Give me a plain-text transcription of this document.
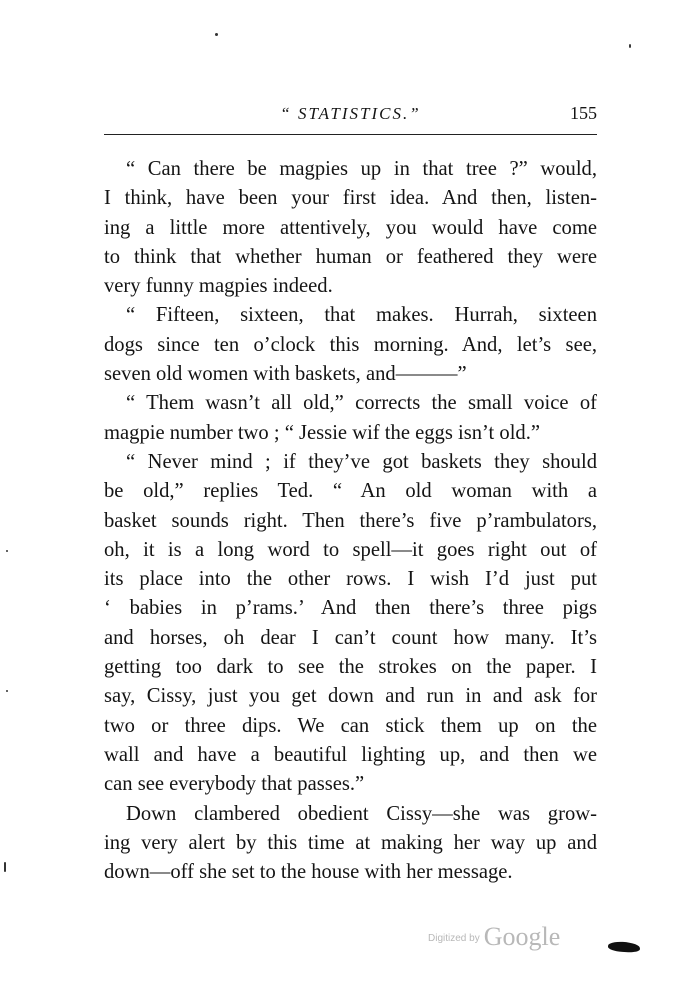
“ STATISTICS.”	155
“ Can there be magpies up in that tree ?” would,
I think, have been your first idea. And then, listen-
ing a little more attentively, you would have come
to think that whether human or feathered they were
very funny magpies indeed.
“ Fifteen, sixteen, that makes. Hurrah, sixteen
dogs since ten o’clock this morning. And, let’s see,
seven old women with baskets, and———”
“ Them wasn’t all old,” corrects the small voice of
magpie number two ; “ Jessie wif the eggs isn’t old.”
“ Never mind ; if they’ve got baskets they should
be old,” replies Ted. “ An old woman with a
basket sounds right. Then there’s five p’rambulators,
oh, it is a long word to spell—it goes right out of
its place into the other rows. I wish I’d just put
‘ babies in p’rams.’ And then there’s three pigs
and horses, oh dear I can’t count how many. It’s
getting too dark to see the strokes on the paper. I
say, Cissy, just you get down and run in and ask for
two or three dips. We can stick them up on the
wall and have a beautiful lighting up, and then we
can see everybody that passes.”
Down clambered obedient Cissy—she was grow-
ing very alert by this time at making her way up and
down—off she set to the house with her message.
$^{Digitized by}$ Google
